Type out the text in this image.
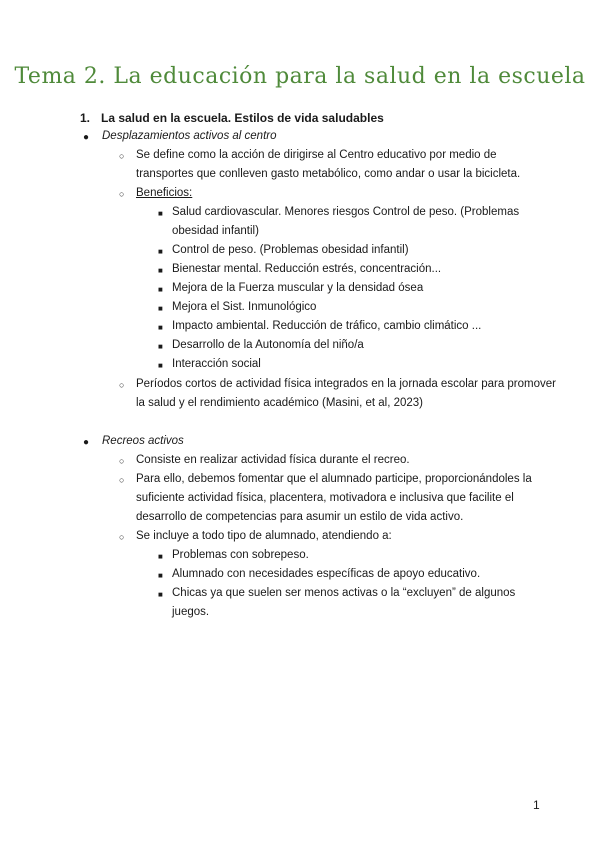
Tema 2. La educación para la salud en la escuela
1. La salud en la escuela. Estilos de vida saludables
● Desplazamientos activos al centro
○ Se define como la acción de dirigirse al Centro educativo por medio de
transportes que conlleven gasto metabólico, como andar o usar la bicicleta.
○ Beneficios:
■ Salud cardiovascular. Menores riesgos Control de peso. (Problemas
obesidad infantil)
■ Control de peso. (Problemas obesidad infantil)
■ Bienestar mental. Reducción estrés, concentración...
■ Mejora de la Fuerza muscular y la densidad ósea
■ Mejora el Sist. Inmunológico
■ Impacto ambiental. Reducción de tráfico, cambio climático ...
■ Desarrollo de la Autonomía del niño/a
■ Interacción social
○ Períodos cortos de actividad física integrados en la jornada escolar para promover
la salud y el rendimiento académico (Masini, et al, 2023)
● Recreos activos
○ Consiste en realizar actividad física durante el recreo.
○ Para ello, debemos fomentar que el alumnado participe, proporcionándoles la
suficiente actividad física, placentera, motivadora e inclusiva que facilite el
desarrollo de competencias para asumir un estilo de vida activo.
○ Se incluye a todo tipo de alumnado, atendiendo a:
■ Problemas con sobrepeso.
■ Alumnado con necesidades específicas de apoyo educativo.
■ Chicas ya que suelen ser menos activas o la “excluyen” de algunos
juegos.
1
